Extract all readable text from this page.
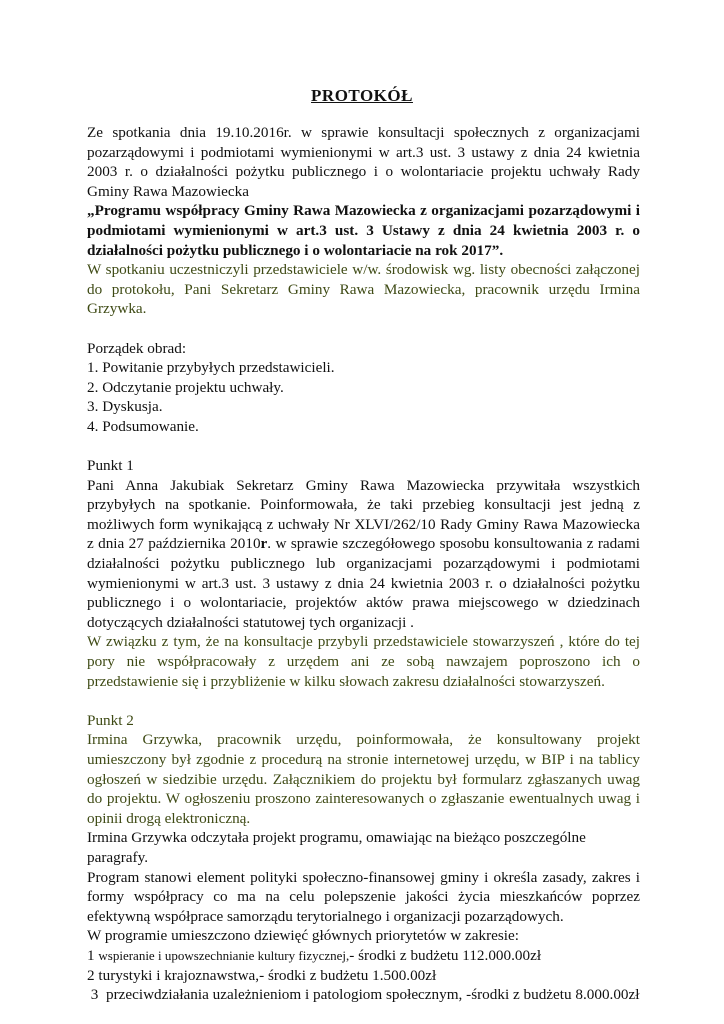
PROTOKÓŁ

Ze spotkania dnia 19.10.2016r. w sprawie konsultacji społecznych z organizacjami pozarządowymi i podmiotami wymienionymi w art.3 ust. 3 ustawy z dnia 24 kwietnia 2003 r. o działalności pożytku publicznego i o wolontariacie projektu uchwały Rady Gminy Rawa Mazowiecka

„Programu współpracy Gminy Rawa Mazowiecka z organizacjami pozarządowymi i podmiotami wymienionymi w art.3 ust. 3 Ustawy z dnia 24 kwietnia 2003 r. o działalności pożytku publicznego i o wolontariacie na rok 2017”.

W spotkaniu uczestniczyli przedstawiciele w/w. środowisk wg. listy obecności załączonej do protokołu, Pani Sekretarz Gminy Rawa Mazowiecka, pracownik urzędu Irmina Grzywka.

Porządek obrad:

1. Powitanie przybyłych przedstawicieli.

2. Odczytanie projektu uchwały.

3. Dyskusja.

4. Podsumowanie.

Punkt 1

Pani Anna Jakubiak Sekretarz Gminy Rawa Mazowiecka przywitała wszystkich przybyłych na spotkanie. Poinformowała, że taki przebieg konsultacji jest jedną z możliwych form wynikającą z uchwały Nr XLVI/262/10 Rady Gminy Rawa Mazowiecka z dnia 27 października 2010r. w sprawie szczegółowego sposobu konsultowania z radami działalności pożytku publicznego lub organizacjami pozarządowymi i podmiotami wymienionymi w art.3 ust. 3 ustawy z dnia 24 kwietnia 2003 r. o działalności pożytku publicznego i o wolontariacie, projektów aktów prawa miejscowego w dziedzinach dotyczących działalności statutowej tych organizacji .

W związku z tym, że na konsultacje przybyli przedstawiciele stowarzyszeń , które do tej pory nie współpracowały z urzędem ani ze sobą nawzajem poproszono ich o przedstawienie się i przybliżenie w kilku słowach zakresu działalności stowarzyszeń.

Punkt 2

Irmina Grzywka, pracownik urzędu, poinformowała, że konsultowany projekt umieszczony był zgodnie z procedurą na stronie internetowej urzędu, w BIP i na tablicy ogłoszeń w siedzibie urzędu. Załącznikiem do projektu był formularz zgłaszanych uwag do projektu. W ogłoszeniu proszono zainteresowanych o zgłaszanie ewentualnych uwag i opinii drogą elektroniczną.

Irmina Grzywka odczytała projekt programu, omawiając na bieżąco poszczególne paragrafy.

Program stanowi element polityki społeczno-finansowej gminy i określa zasady, zakres i formy współpracy co ma na celu polepszenie jakości życia mieszkańców poprzez efektywną współprace samorządu terytorialnego i organizacji pozarządowych.

W programie umieszczono dziewięć głównych priorytetów w zakresie:

1 wspieranie i upowszechnianie kultury fizycznej,- środki z budżetu 112.000.00zł

2 turystyki i krajoznawstwa,- środki z budżetu 1.500.00zł

3  przeciwdziałania uzależnieniom i patologiom społecznym, -środki z budżetu 8.000.00zł
